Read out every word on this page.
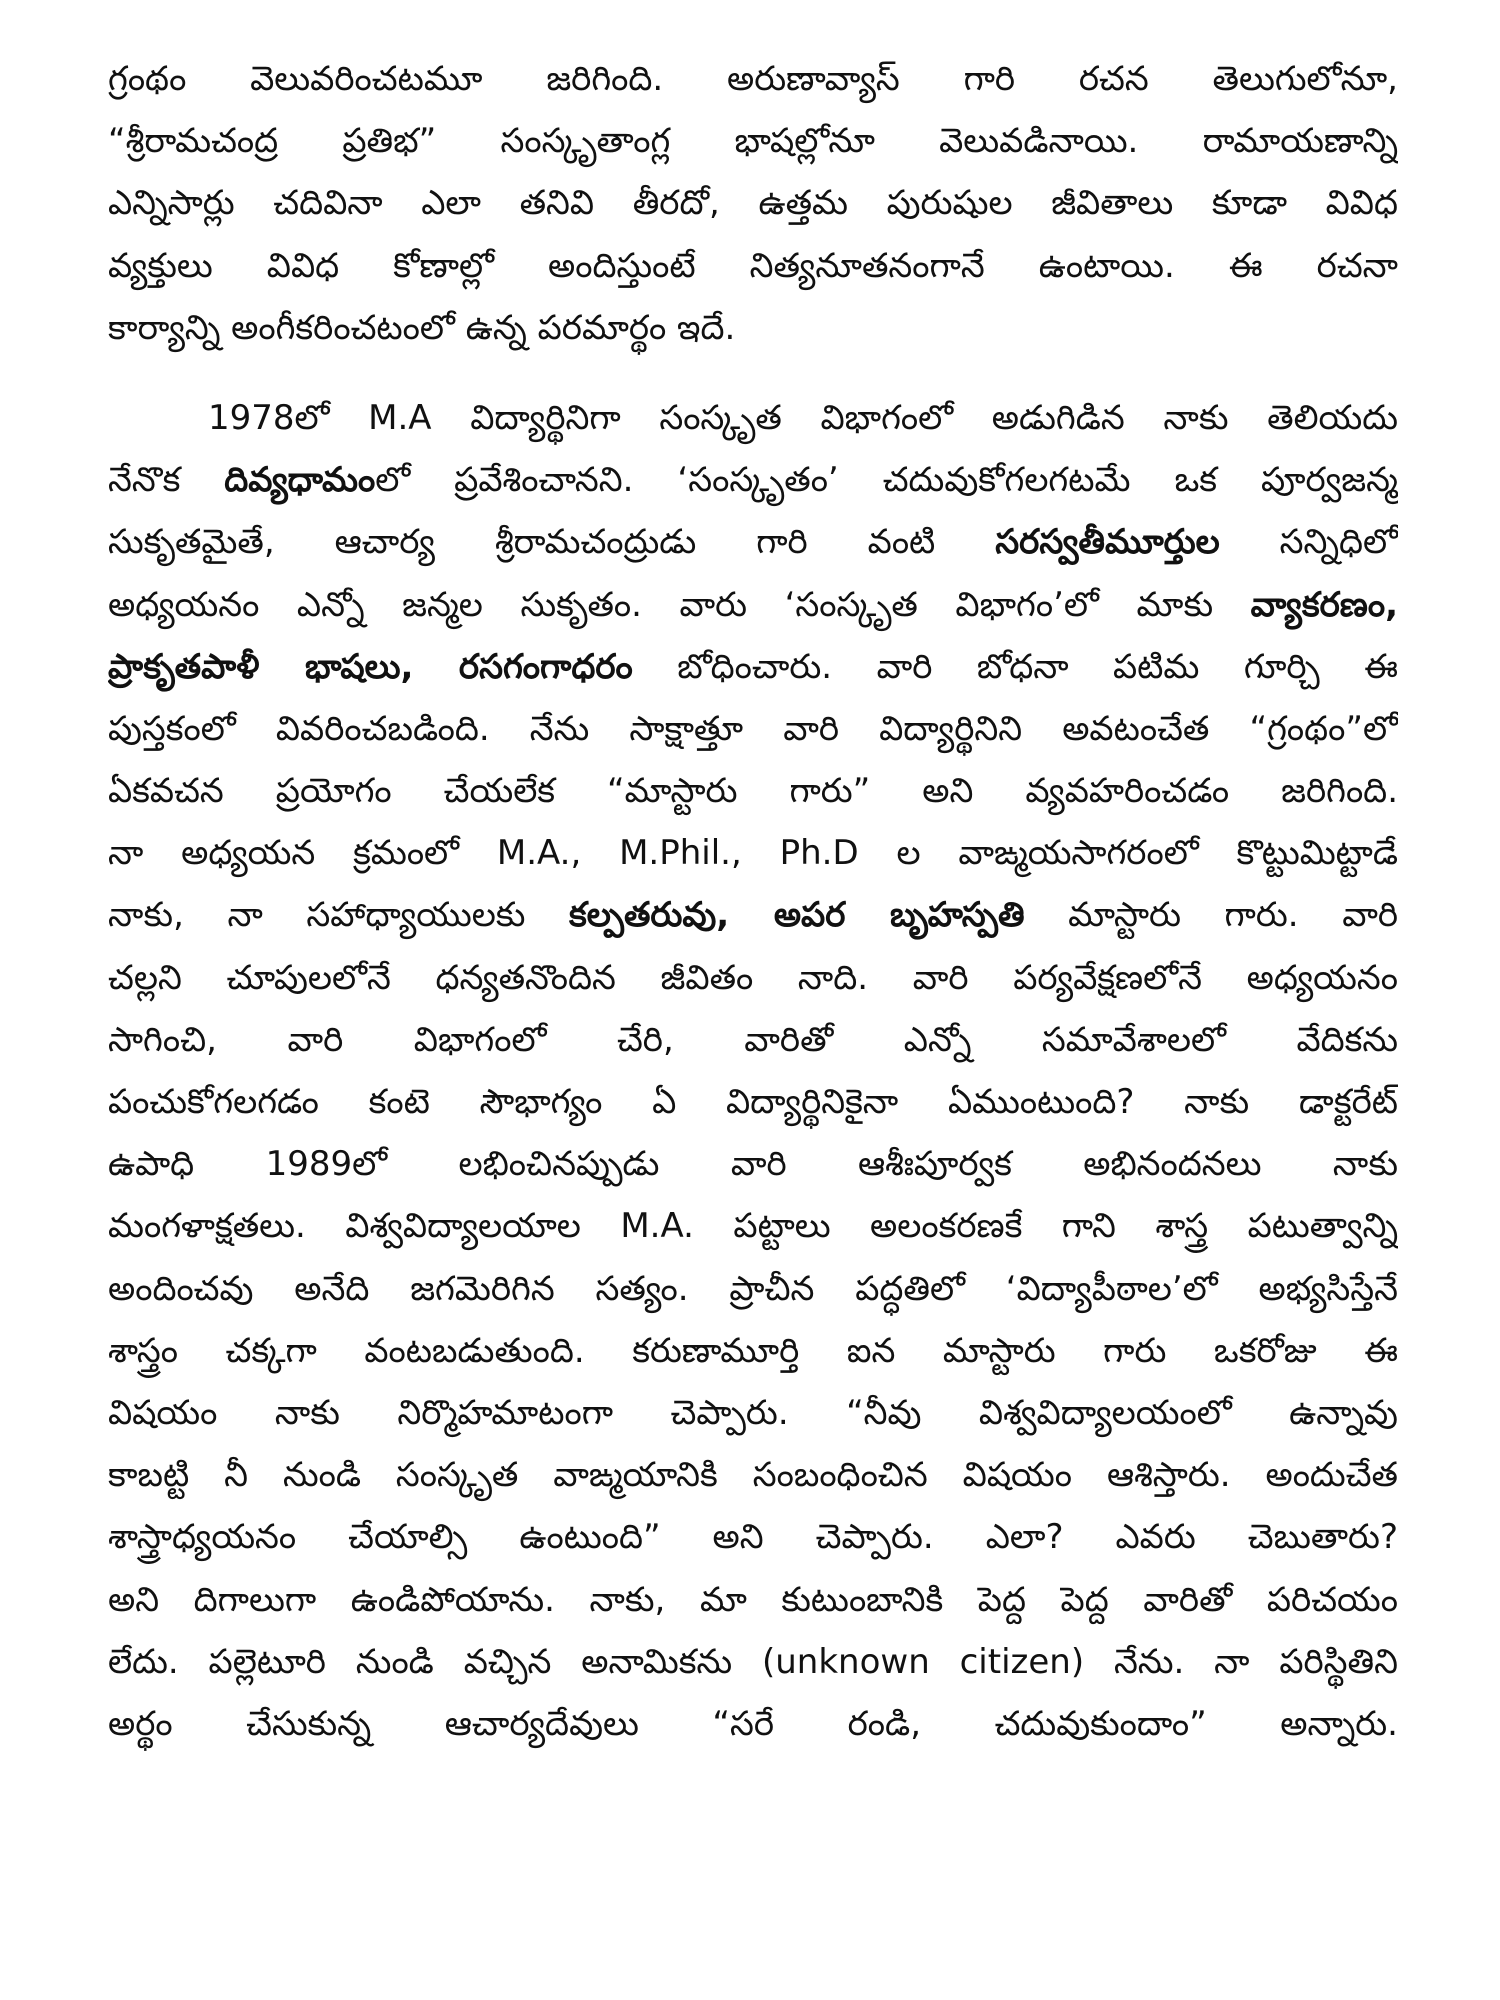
గ్రంథం వెలువరించటమూ జరిగింది. అరుణావ్యాస్ గారి రచన తెలుగులోనూ,
“శ్రీరామచంద్ర ప్రతిభ” సంస్కృతాంగ్ల భాషల్లోనూ వెలువడినాయి. రామాయణాన్ని
ఎన్నిసార్లు చదివినా ఎలా తనివి తీరదో, ఉత్తమ పురుషుల జీవితాలు కూడా వివిధ
వ్యక్తులు వివిధ కోణాల్లో అందిస్తుంటే నిత్యనూతనంగానే ఉంటాయి. ఈ రచనా
కార్యాన్ని అంగీకరించటంలో ఉన్న పరమార్థం ఇదే.
1978లో M.A విద్యార్థినిగా సంస్కృత విభాగంలో అడుగిడిన నాకు తెలియదు
నేనొక దివ్యధామంలో ప్రవేశించానని. ‘సంస్కృతం’ చదువుకోగలగటమే ఒక పూర్వజన్మ
సుకృతమైతే, ఆచార్య శ్రీరామచంద్రుడు గారి వంటి సరస్వతీమూర్తుల సన్నిధిలో
అధ్యయనం ఎన్నో జన్మల సుకృతం. వారు ‘సంస్కృత విభాగం’లో మాకు వ్యాకరణం,
ప్రాకృతపాళీ భాషలు, రసగంగాధరం బోధించారు. వారి బోధనా పటిమ గూర్చి ఈ
పుస్తకంలో వివరించబడింది. నేను సాక్షాత్తూ వారి విద్యార్థినిని అవటంచేత “గ్రంథం”లో
ఏకవచన ప్రయోగం చేయలేక “మాస్టారు గారు” అని వ్యవహరించడం జరిగింది.
నా అధ్యయన క్రమంలో M.A., M.Phil., Ph.D ల వాఙ్మయసాగరంలో కొట్టుమిట్టాడే
నాకు, నా సహాధ్యాయులకు కల్పతరువు, అపర బృహస్పతి మాస్టారు గారు. వారి
చల్లని చూపులలోనే ధన్యతనొందిన జీవితం నాది. వారి పర్యవేక్షణలోనే అధ్యయనం
సాగించి, వారి విభాగంలో చేరి, వారితో ఎన్నో సమావేశాలలో వేదికను
పంచుకోగలగడం కంటె సౌభాగ్యం ఏ విద్యార్థినికైనా ఏముంటుంది? నాకు డాక్టరేట్
ఉపాధి 1989లో లభించినప్పుడు వారి ఆశీఃపూర్వక అభినందనలు నాకు
మంగళాక్షతలు. విశ్వవిద్యాలయాల M.A. పట్టాలు అలంకరణకే గాని శాస్త్ర పటుత్వాన్ని
అందించవు అనేది జగమెరిగిన సత్యం. ప్రాచీన పద్ధతిలో ‘విద్యాపీఠాల’లో అభ్యసిస్తేనే
శాస్త్రం చక్కగా వంటబడుతుంది. కరుణామూర్తి ఐన మాస్టారు గారు ఒకరోజు ఈ
విషయం నాకు నిర్మొహమాటంగా చెప్పారు. “నీవు విశ్వవిద్యాలయంలో ఉన్నావు
కాబట్టి నీ నుండి సంస్కృత వాఙ్మయానికి సంబంధించిన విషయం ఆశిస్తారు. అందుచేత
శాస్త్రాధ్యయనం చేయాల్సి ఉంటుంది” అని చెప్పారు. ఎలా? ఎవరు చెబుతారు?
అని దిగాలుగా ఉండిపోయాను. నాకు, మా కుటుంబానికి పెద్ద పెద్ద వారితో పరిచయం
లేదు. పల్లెటూరి నుండి వచ్చిన అనామికను (unknown citizen) నేను. నా పరిస్థితిని
అర్థం చేసుకున్న ఆచార్యదేవులు “సరే రండి, చదువుకుందాం” అన్నారు.
